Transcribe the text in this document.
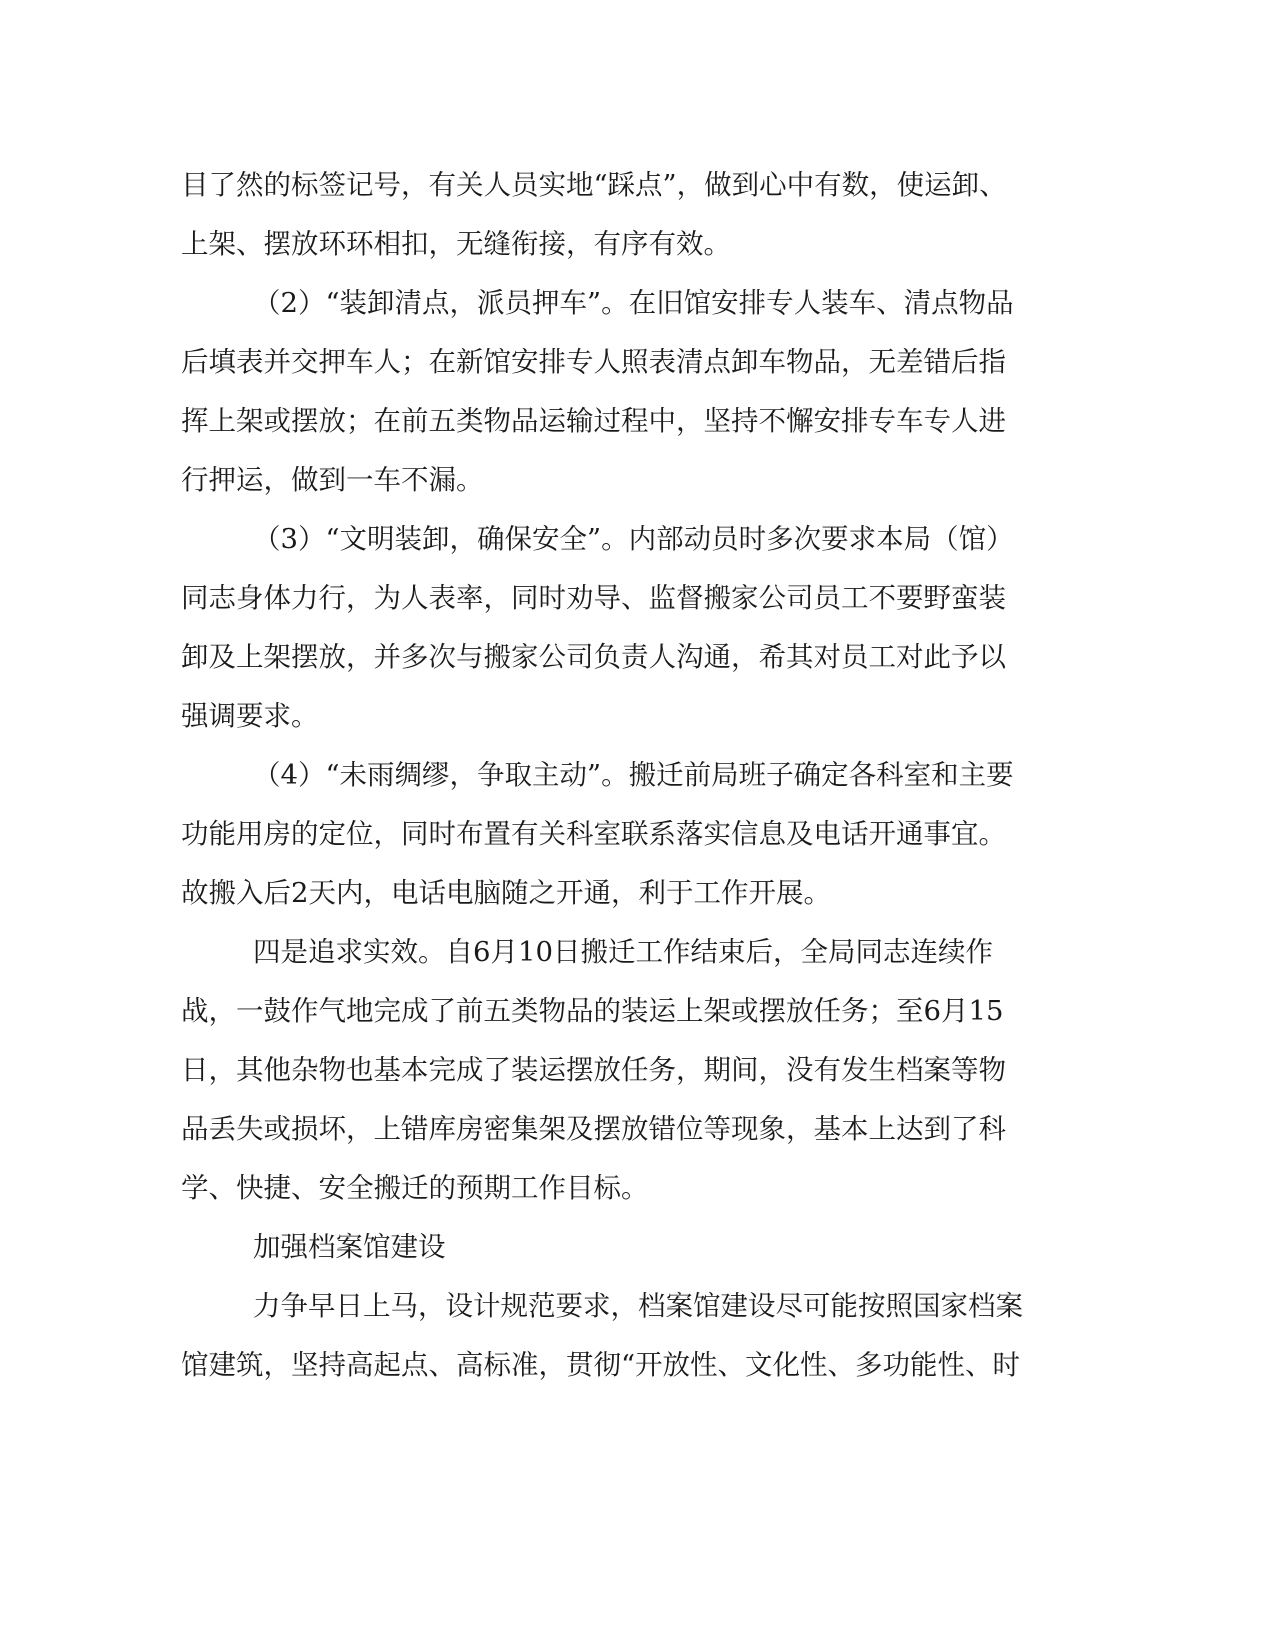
目了然的标签记号，有关人员实地“踩点”，做到心中有数，使运卸、
上架、摆放环环相扣，无缝衔接，有序有效。
（2）“装卸清点，派员押车”。在旧馆安排专人装车、清点物品
后填表并交押车人；在新馆安排专人照表清点卸车物品，无差错后指
挥上架或摆放；在前五类物品运输过程中，坚持不懈安排专车专人进
行押运，做到一车不漏。
（3）“文明装卸，确保安全”。内部动员时多次要求本局（馆）
同志身体力行，为人表率，同时劝导、监督搬家公司员工不要野蛮装
卸及上架摆放，并多次与搬家公司负责人沟通，希其对员工对此予以
强调要求。
（4）“未雨绸缪，争取主动”。搬迁前局班子确定各科室和主要
功能用房的定位，同时布置有关科室联系落实信息及电话开通事宜。
故搬入后2天内，电话电脑随之开通，利于工作开展。
四是追求实效。自6月10日搬迁工作结束后，全局同志连续作
战，一鼓作气地完成了前五类物品的装运上架或摆放任务；至6月15
日，其他杂物也基本完成了装运摆放任务，期间，没有发生档案等物
品丢失或损坏，上错库房密集架及摆放错位等现象，基本上达到了科
学、快捷、安全搬迁的预期工作目标。
加强档案馆建设
力争早日上马，设计规范要求，档案馆建设尽可能按照国家档案
馆建筑，坚持高起点、高标准，贯彻“开放性、文化性、多功能性、时
